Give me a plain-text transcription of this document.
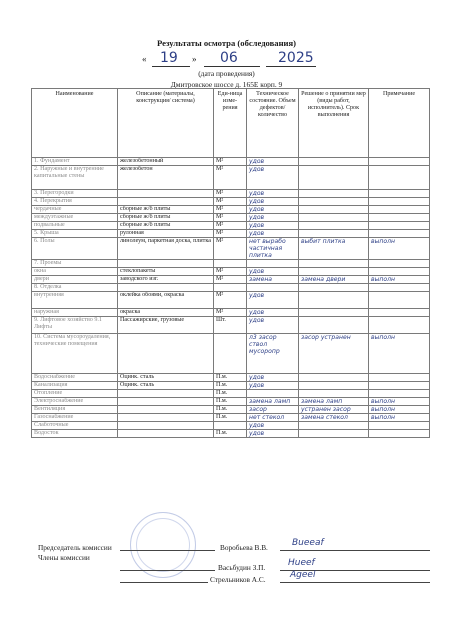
Результаты осмотра (обследования)
« 19 » 06	2025
(дата проведения)
Дмитровское шоссе д. 165Е корп. 9
Наименование	Описание (материалы, конструкция/ система)	Еди-ница изме-рения	Техническое состояние. Объем дефектов/ количество	Решение о принятии мер (виды работ, исполнитель). Срок выполнения	Примечание
1. Фундамент	железобетонный	М²	удов		
2. Наружные и внутренние капитальные стены	железобетон	М²	удов		
3. Перегородки		М²	удов		
4. Перекрытия		М²	удов		
чердачные	сборные ж/б плиты	М²	удов		
междуэтажные	сборные ж/б плиты	М²	удов		
подвальные	сборные ж/б плиты	М²	удов		
5. Крыша	рулонная	М²	удов		
6. Полы	линолеум, паркетная доска, плитка	М²	нет вырабо частичная плитка	выбит плитка	выполн
7. Проемы					
окна	стеклопакеты	М²	удов		
двери	заводского изг.	М²	замена	замена двери	выполн
8. Отделка					
внутренняя	оклейка обоями, окраска	М²	удов		
наружная	окраска	М²	удов		
9. Лифтовое хозяйство 9.1 Лифты	Пассажирские, грузовые	Шт.	удов		
10. Система мусороудаления, технические помещения			л3 засор ствол мусоропр	засор устранен	выполн
Водоснабжение	Оцинк. сталь	П.м.	удов		
Канализация	Оцинк. сталь	П.м.	удов		
Отопление		П.м.			
Электроснабжение		П.м.	замена ламп	замена ламп	выполн
Вентиляция		П.м.	засор	устранен засор	выполн
Газоснабжение		П.м.	нет стекол	замена стекол	выполн
Слаботочные			удов		
Водосток		П.м.	удов		
Председатель комиссии	Воробьева В.В.	Bueeaf
Члены комиссии
Васьбудин З.П.	Hueef
Стрельников А.С.	Ageel
